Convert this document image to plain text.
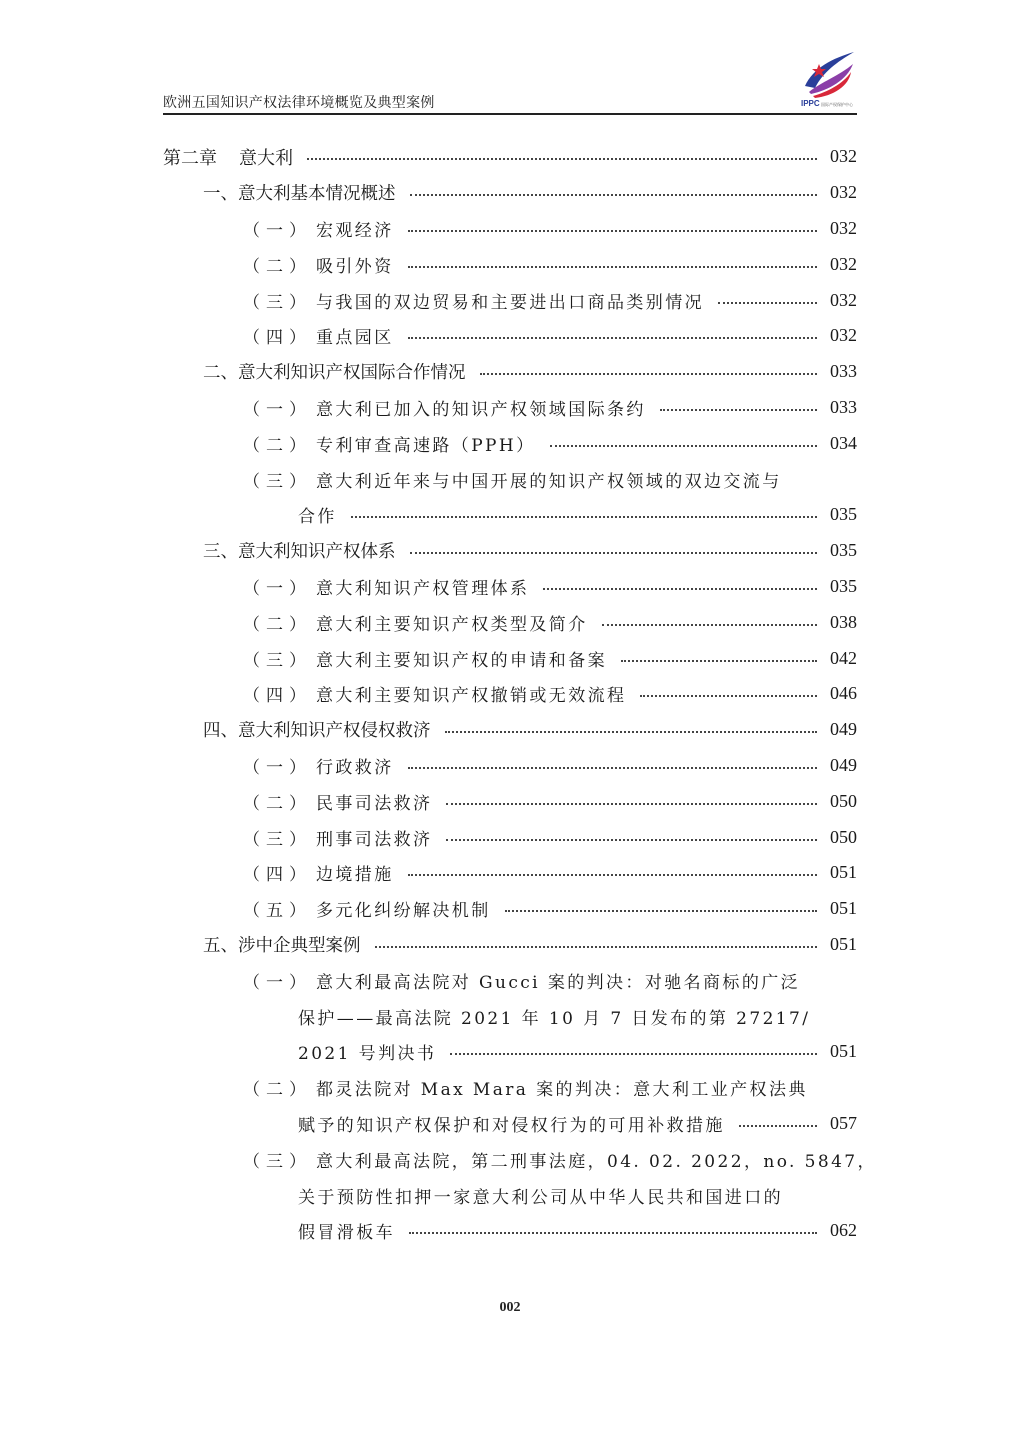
欧洲五国知识产权法律环境概览及典型案例	IPPC 国际产权保护中心
第二章 意大利	032
一、意大利基本情况概述	032
（一） 宏观经济	032
（二） 吸引外资	032
（三） 与我国的双边贸易和主要进出口商品类别情况	032
（四） 重点园区	032
二、意大利知识产权国际合作情况	033
（一） 意大利已加入的知识产权领域国际条约	033
（二） 专利审查高速路（PPH）	034
（三） 意大利近年来与中国开展的知识产权领域的双边交流与
合作	035
三、意大利知识产权体系	035
（一） 意大利知识产权管理体系	035
（二） 意大利主要知识产权类型及简介	038
（三） 意大利主要知识产权的申请和备案	042
（四） 意大利主要知识产权撤销或无效流程	046
四、意大利知识产权侵权救济	049
（一） 行政救济	049
（二） 民事司法救济	050
（三） 刑事司法救济	050
（四） 边境措施	051
（五） 多元化纠纷解决机制	051
五、涉中企典型案例	051
（一） 意大利最高法院对 Gucci 案的判决：对驰名商标的广泛
保护——最高法院 2021 年 10 月 7 日发布的第 27217/
2021 号判决书	051
（二） 都灵法院对 Max Mara 案的判决：意大利工业产权法典
赋予的知识产权保护和对侵权行为的可用补救措施	057
（三） 意大利最高法院，第二刑事法庭，04. 02. 2022，no. 5847，
关于预防性扣押一家意大利公司从中华人民共和国进口的
假冒滑板车	062
002
